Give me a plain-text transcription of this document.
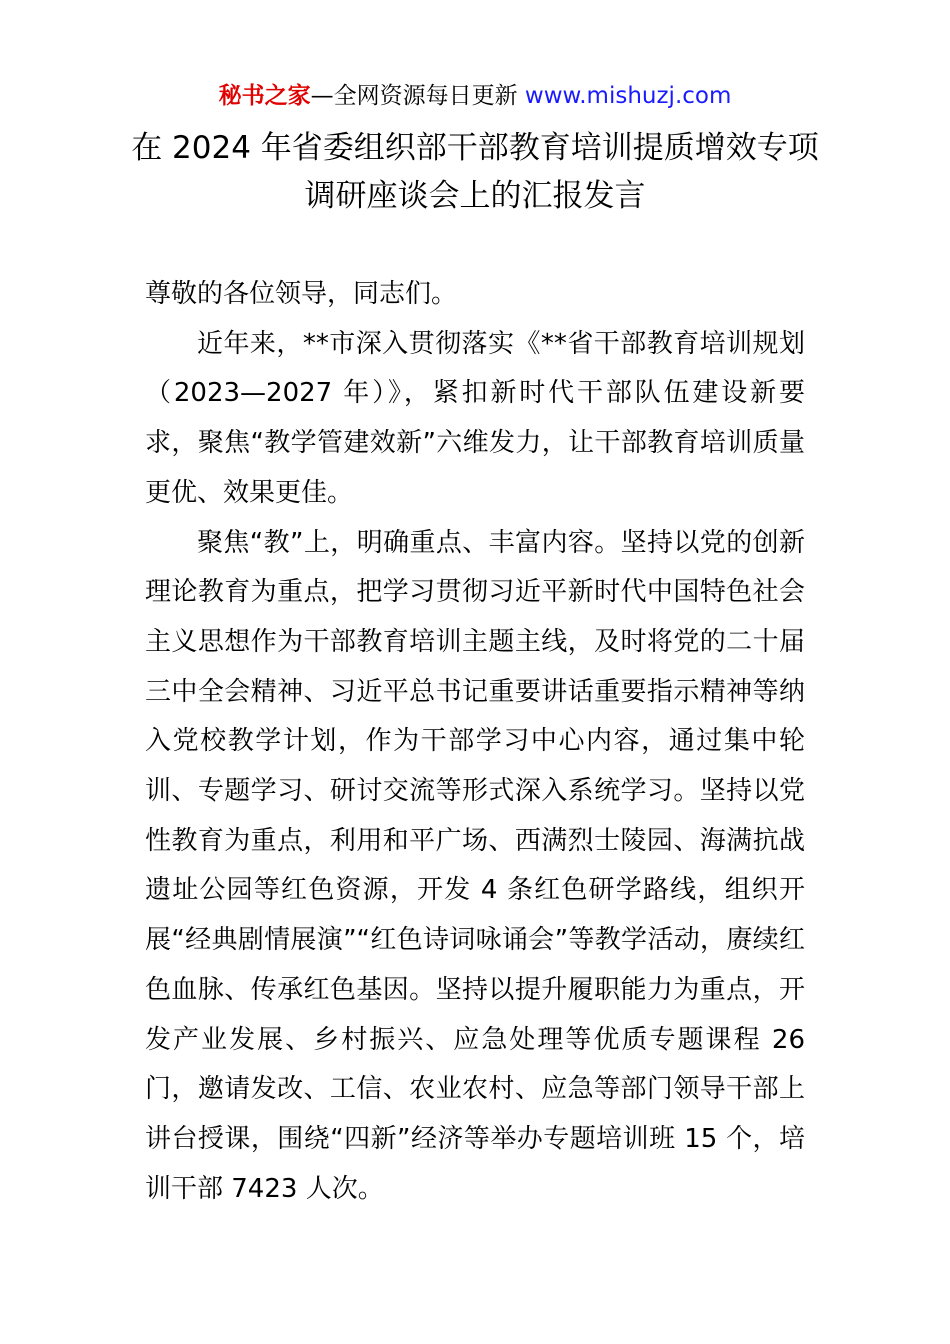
秘书之家—全网资源每日更新 www.mishuzj.com
在 2024 年省委组织部干部教育培训提质增效专项调研座谈会上的汇报发言

尊敬的各位领导，同志们。

近年来，**市深入贯彻落实《**省干部教育培训规划（2023—2027 年）》，紧扣新时代干部队伍建设新要求，聚焦“教学管建效新”六维发力，让干部教育培训质量更优、效果更佳。

聚焦“教”上，明确重点、丰富内容。坚持以党的创新理论教育为重点，把学习贯彻习近平新时代中国特色社会主义思想作为干部教育培训主题主线，及时将党的二十届三中全会精神、习近平总书记重要讲话重要指示精神等纳入党校教学计划，作为干部学习中心内容，通过集中轮训、专题学习、研讨交流等形式深入系统学习。坚持以党性教育为重点，利用和平广场、西满烈士陵园、海满抗战遗址公园等红色资源，开发 4 条红色研学路线，组织开展“经典剧情展演”“红色诗词咏诵会”等教学活动，赓续红色血脉、传承红色基因。坚持以提升履职能力为重点，开发产业发展、乡村振兴、应急处理等优质专题课程 26 门，邀请发改、工信、农业农村、应急等部门领导干部上讲台授课，围绕“四新”经济等举办专题培训班 15 个，培训干部 7423 人次。
